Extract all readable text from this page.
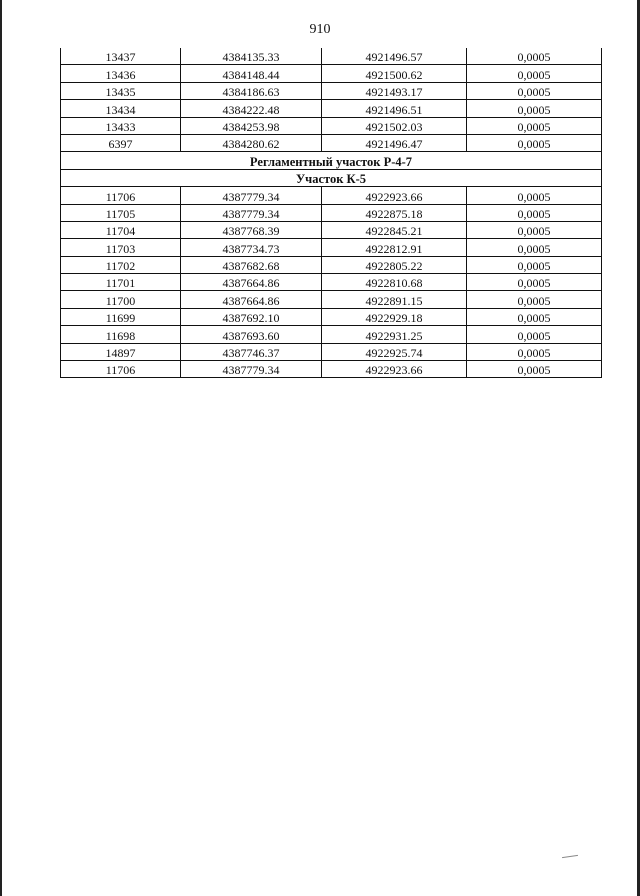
910
13437	4384135.33	4921496.57	0,0005
13436	4384148.44	4921500.62	0,0005
13435	4384186.63	4921493.17	0,0005
13434	4384222.48	4921496.51	0,0005
13433	4384253.98	4921502.03	0,0005
6397	4384280.62	4921496.47	0,0005
Регламентный участок Р-4-7			
Участок К-5			
11706	4387779.34	4922923.66	0,0005
11705	4387779.34	4922875.18	0,0005
11704	4387768.39	4922845.21	0,0005
11703	4387734.73	4922812.91	0,0005
11702	4387682.68	4922805.22	0,0005
11701	4387664.86	4922810.68	0,0005
11700	4387664.86	4922891.15	0,0005
11699	4387692.10	4922929.18	0,0005
11698	4387693.60	4922931.25	0,0005
14897	4387746.37	4922925.74	0,0005
11706	4387779.34	4922923.66	0,0005
